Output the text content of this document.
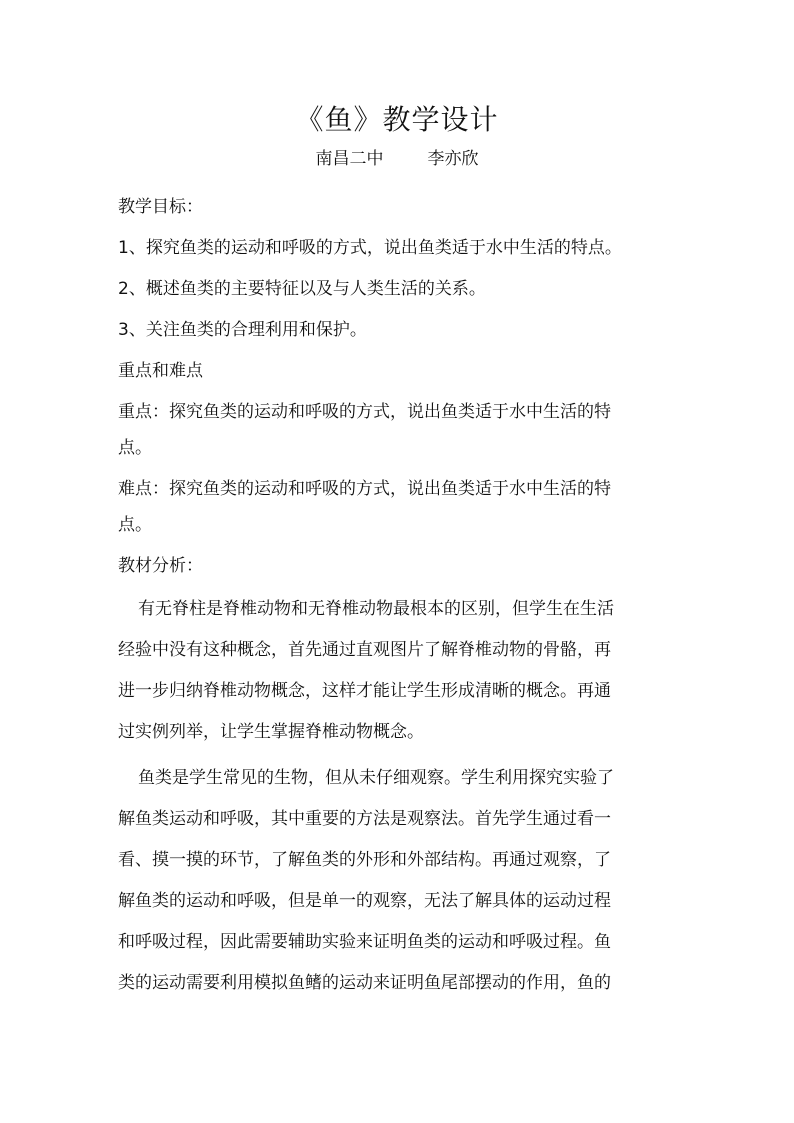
《鱼》教学设计
南昌二中	李亦欣
教学目标：
1、探究鱼类的运动和呼吸的方式，说出鱼类适于水中生活的特点。
2、概述鱼类的主要特征以及与人类生活的关系。
3、关注鱼类的合理利用和保护。
重点和难点
重点：探究鱼类的运动和呼吸的方式，说出鱼类适于水中生活的特
点。
难点：探究鱼类的运动和呼吸的方式，说出鱼类适于水中生活的特
点。
教材分析：
有无脊柱是脊椎动物和无脊椎动物最根本的区别，但学生在生活
经验中没有这种概念，首先通过直观图片了解脊椎动物的骨骼，再
进一步归纳脊椎动物概念，这样才能让学生形成清晰的概念。再通
过实例列举，让学生掌握脊椎动物概念。
鱼类是学生常见的生物，但从未仔细观察。学生利用探究实验了
解鱼类运动和呼吸，其中重要的方法是观察法。首先学生通过看一
看、摸一摸的环节，了解鱼类的外形和外部结构。再通过观察，了
解鱼类的运动和呼吸，但是单一的观察，无法了解具体的运动过程
和呼吸过程，因此需要辅助实验来证明鱼类的运动和呼吸过程。鱼
类的运动需要利用模拟鱼鳍的运动来证明鱼尾部摆动的作用，鱼的
